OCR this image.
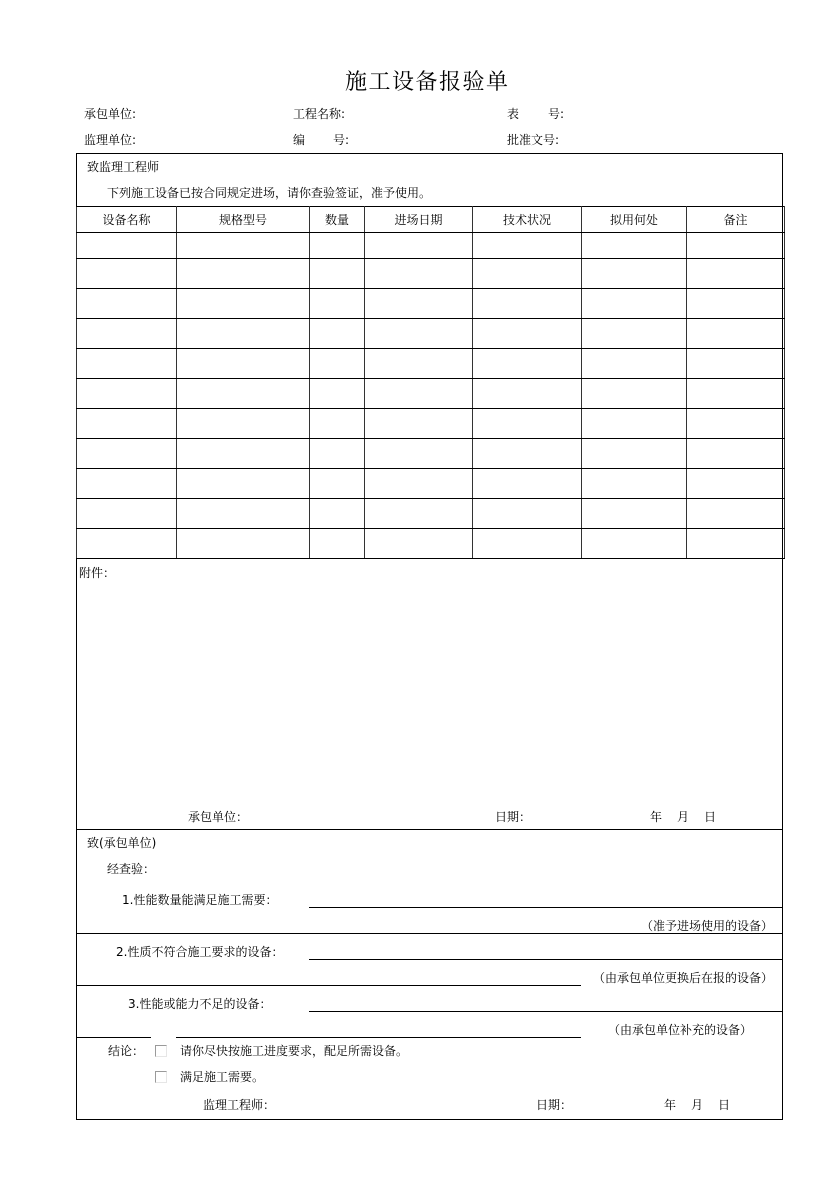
施工设备报验单
承包单位:	工程名称:	表 号:
监理单位:	编 号:	批准文号:
致监理工程师
下列施工设备已按合同规定进场，请你查验签证，准予使用。
设备名称	规格型号	数量	进场日期	技术状况	拟用何处	备注

附件：
承包单位：	日期：	年 月 日
致(承包单位)
经查验：
1.性能数量能满足施工需要：
（准予进场使用的设备）
2.性质不符合施工要求的设备：
（由承包单位更换后在报的设备）
3.性能或能力不足的设备：
（由承包单位补充的设备）
结论：	请你尽快按施工进度要求，配足所需设备。
满足施工需要。
监理工程师：	日期：	年 月 日
